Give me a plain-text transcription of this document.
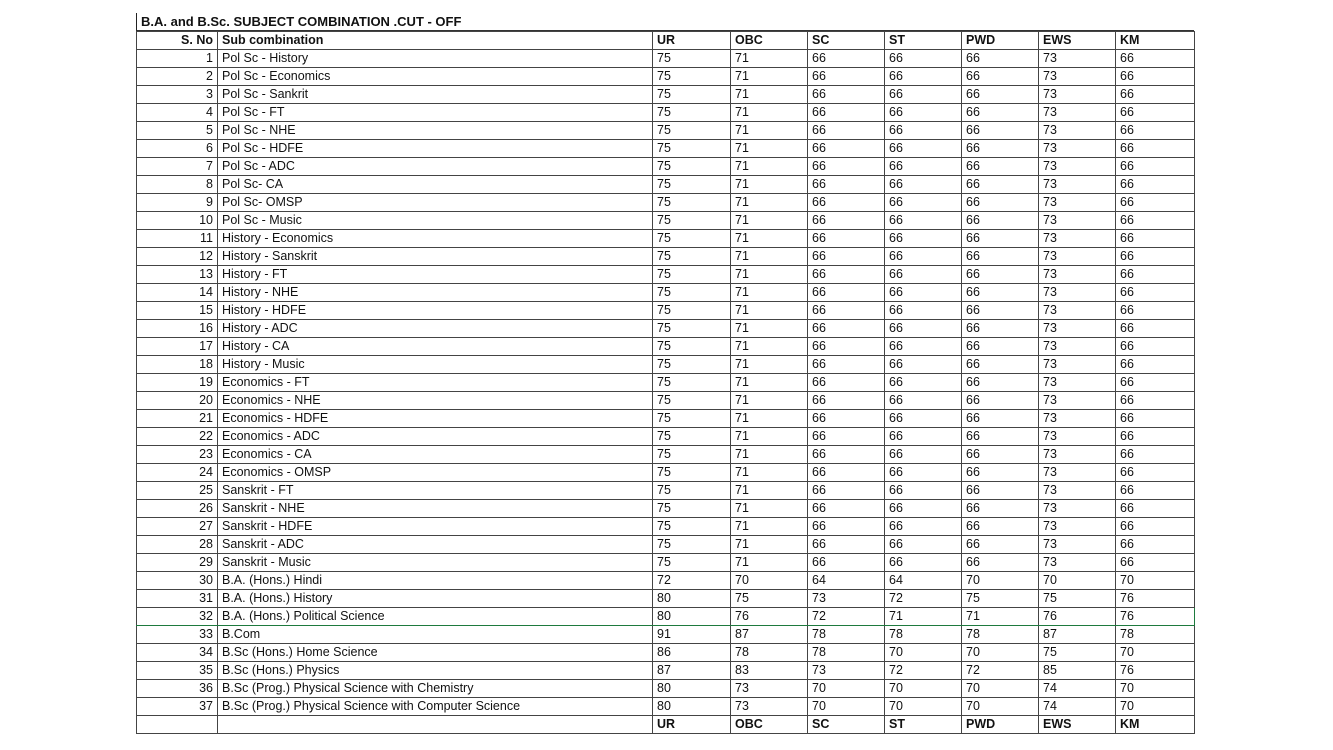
B.A. and B.Sc. SUBJECT COMBINATION .CUT - OFF
S. No	Sub combination	UR	OBC	SC	ST	PWD	EWS	KM
1	Pol Sc - History	75	71	66	66	66	73	66
2	Pol Sc - Economics	75	71	66	66	66	73	66
3	Pol Sc - Sankrit	75	71	66	66	66	73	66
4	Pol Sc - FT	75	71	66	66	66	73	66
5	Pol Sc - NHE	75	71	66	66	66	73	66
6	Pol Sc - HDFE	75	71	66	66	66	73	66
7	Pol Sc - ADC	75	71	66	66	66	73	66
8	Pol Sc- CA	75	71	66	66	66	73	66
9	Pol Sc- OMSP	75	71	66	66	66	73	66
10	Pol Sc - Music	75	71	66	66	66	73	66
11	History - Economics	75	71	66	66	66	73	66
12	History - Sanskrit	75	71	66	66	66	73	66
13	History - FT	75	71	66	66	66	73	66
14	History - NHE	75	71	66	66	66	73	66
15	History - HDFE	75	71	66	66	66	73	66
16	History - ADC	75	71	66	66	66	73	66
17	History - CA	75	71	66	66	66	73	66
18	History - Music	75	71	66	66	66	73	66
19	Economics - FT	75	71	66	66	66	73	66
20	Economics - NHE	75	71	66	66	66	73	66
21	Economics - HDFE	75	71	66	66	66	73	66
22	Economics - ADC	75	71	66	66	66	73	66
23	Economics - CA	75	71	66	66	66	73	66
24	Economics - OMSP	75	71	66	66	66	73	66
25	Sanskrit - FT	75	71	66	66	66	73	66
26	Sanskrit - NHE	75	71	66	66	66	73	66
27	Sanskrit - HDFE	75	71	66	66	66	73	66
28	Sanskrit - ADC	75	71	66	66	66	73	66
29	Sanskrit - Music	75	71	66	66	66	73	66
30	B.A. (Hons.) Hindi	72	70	64	64	70	70	70
31	B.A. (Hons.) History	80	75	73	72	75	75	76
32	B.A. (Hons.) Political Science	80	76	72	71	71	76	76
33	B.Com	91	87	78	78	78	87	78
34	B.Sc (Hons.) Home Science	86	78	78	70	70	75	70
35	B.Sc (Hons.) Physics	87	83	73	72	72	85	76
36	B.Sc (Prog.) Physical Science with Chemistry	80	73	70	70	70	74	70
37	B.Sc (Prog.) Physical Science with Computer Science	80	73	70	70	70	74	70
		UR	OBC	SC	ST	PWD	EWS	KM
